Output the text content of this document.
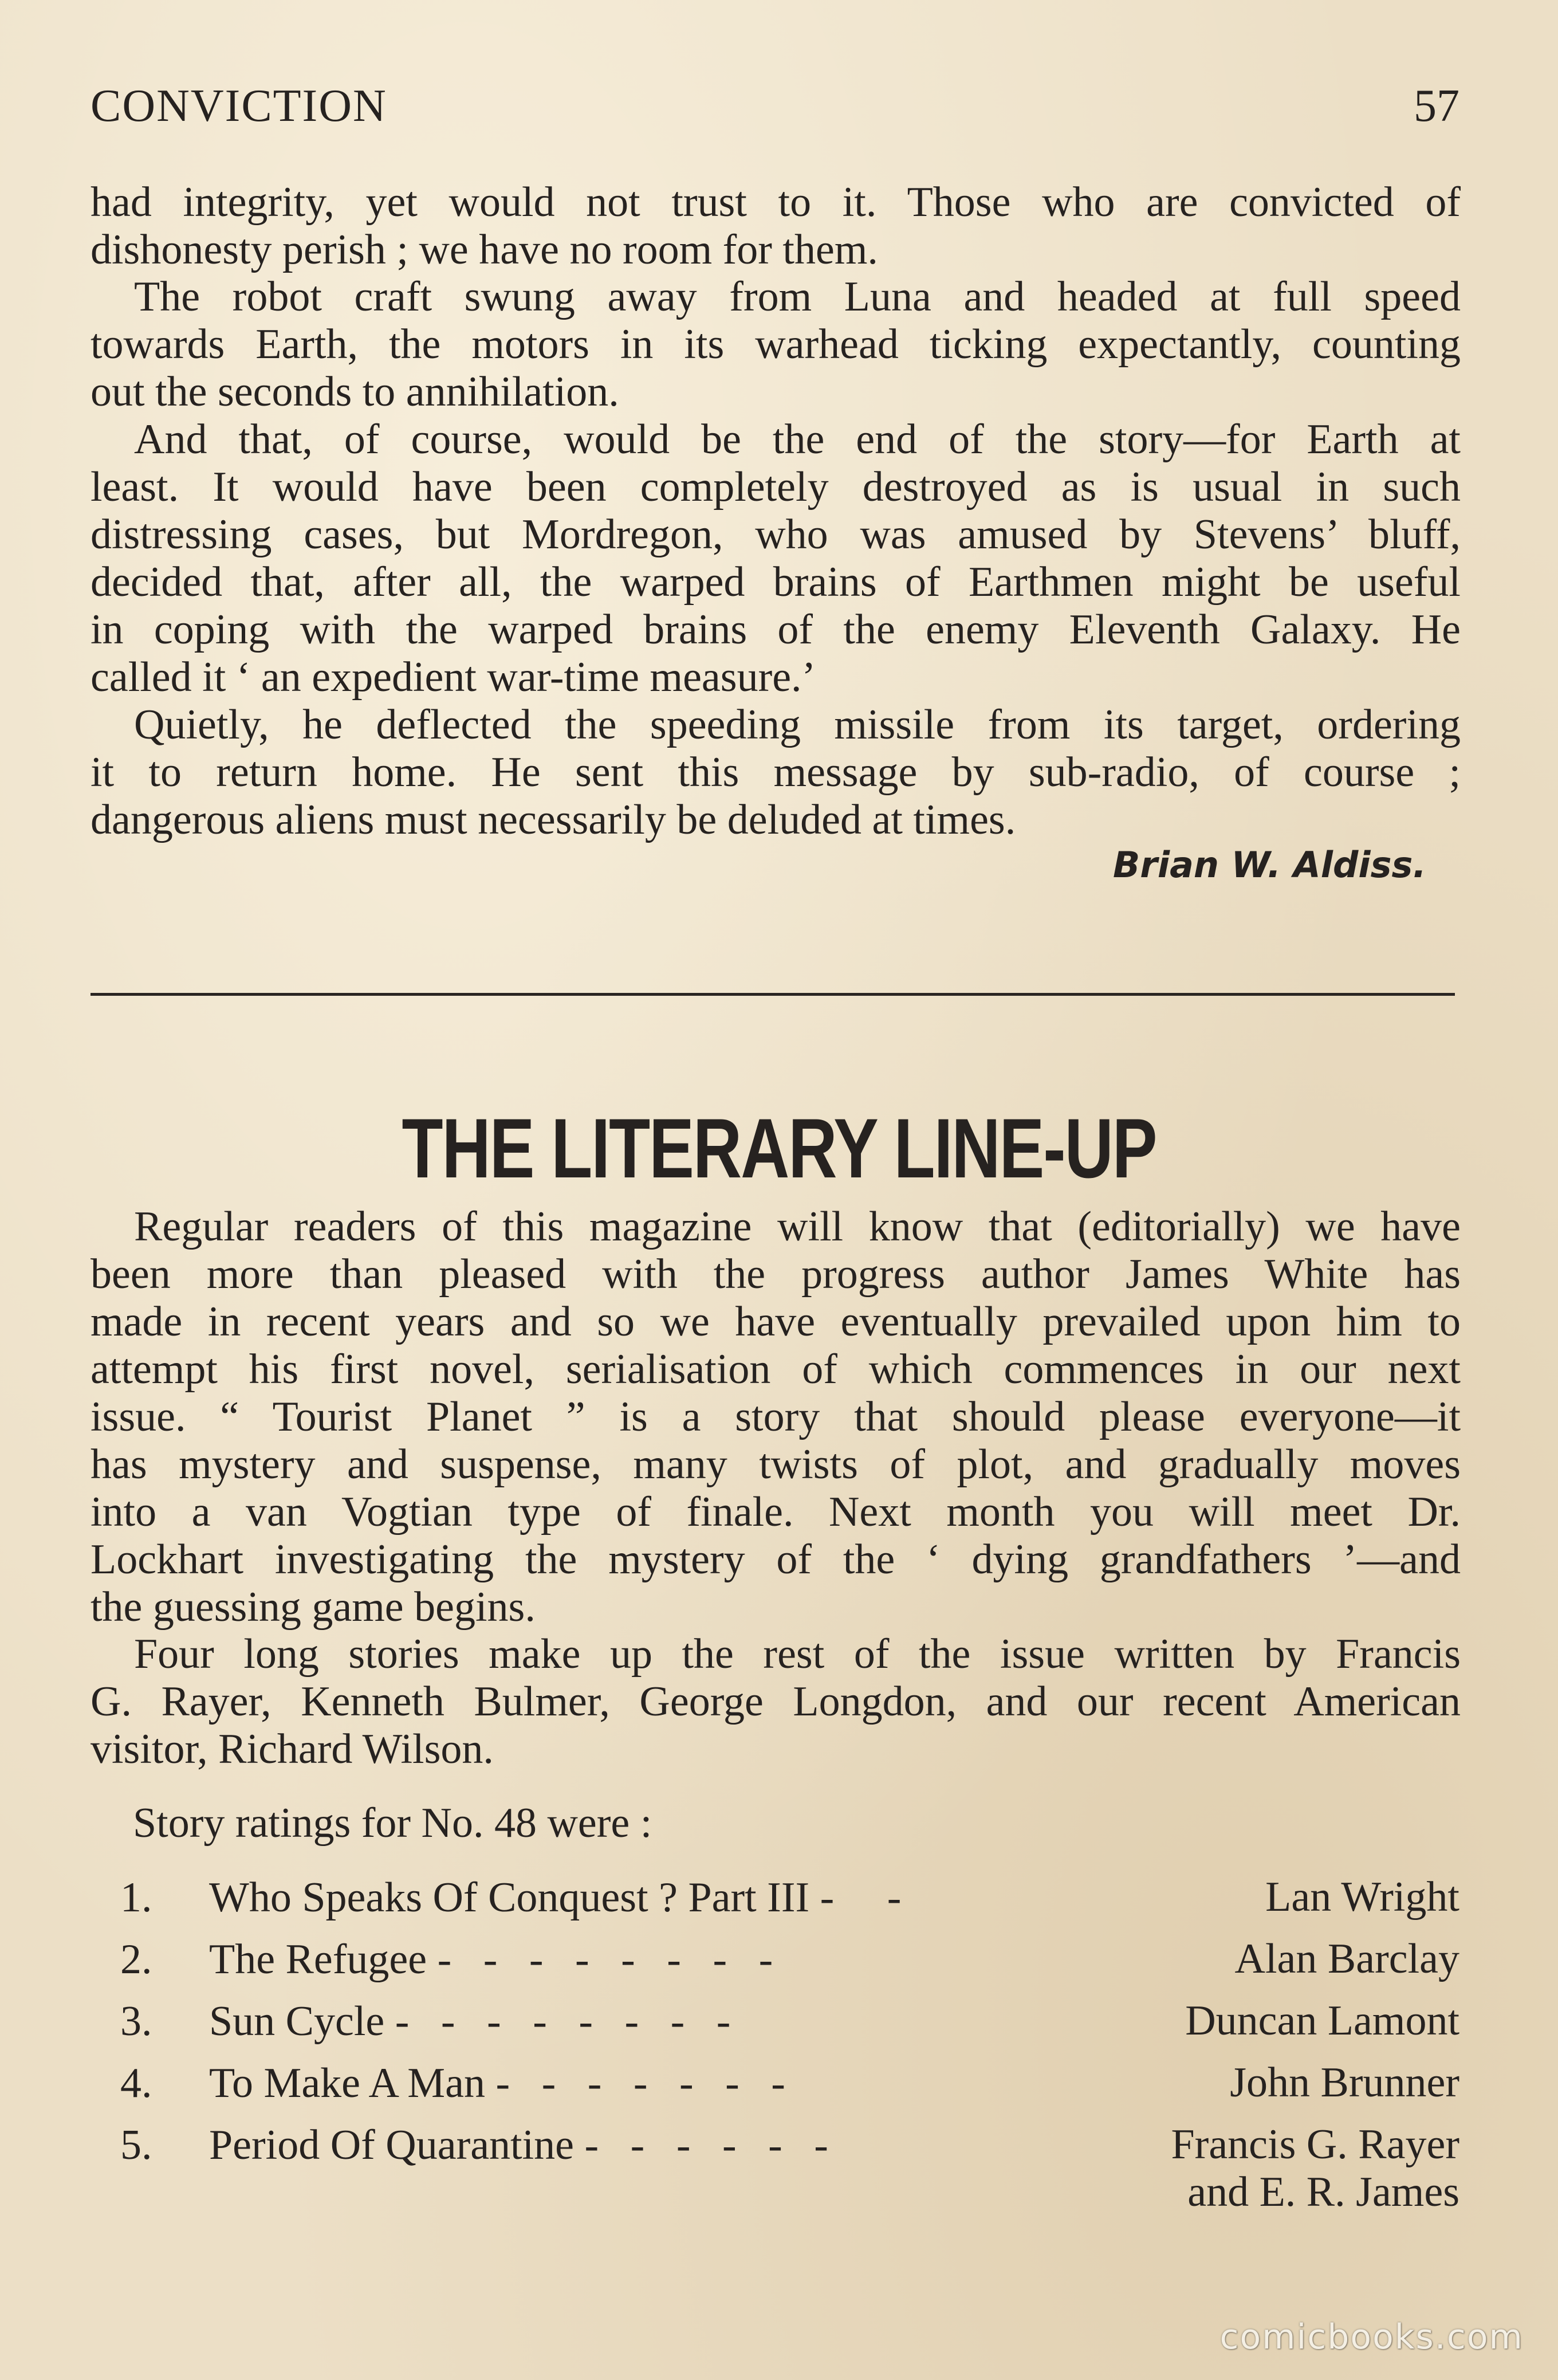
CONVICTION	57
had integrity, yet would not trust to it. Those who are convicted of
dishonesty perish ; we have no room for them.
The robot craft swung away from Luna and headed at full speed
towards Earth, the motors in its warhead ticking expectantly, counting
out the seconds to annihilation.
And that, of course, would be the end of the story—for Earth at
least. It would have been completely destroyed as is usual in such
distressing cases, but Mordregon, who was amused by Stevens’ bluff,
decided that, after all, the warped brains of Earthmen might be useful
in coping with the warped brains of the enemy Eleventh Galaxy. He
called it ‘ an expedient war-time measure.’
Quietly, he deflected the speeding missile from its target, ordering
it to return home. He sent this message by sub-radio, of course ;
dangerous aliens must necessarily be deluded at times.
Brian W. Aldiss.
THE LITERARY LINE-UP
Regular readers of this magazine will know that (editorially) we have
been more than pleased with the progress author James White has
made in recent years and so we have eventually prevailed upon him to
attempt his first novel, serialisation of which commences in our next
issue. “ Tourist Planet ” is a story that should please everyone—it
has mystery and suspense, many twists of plot, and gradually moves
into a van Vogtian type of finale. Next month you will meet Dr.
Lockhart investigating the mystery of the ‘ dying grandfathers ’—and
the guessing game begins.
Four long stories make up the rest of the issue written by Francis
G. Rayer, Kenneth Bulmer, George Longdon, and our recent American
visitor, Richard Wilson.
Story ratings for No. 48 were :
1. Who Speaks Of Conquest ? Part III -     -	Lan Wright
2. The Refugee -   -   -   -   -   -   -   -	Alan Barclay
3. Sun Cycle -   -   -   -   -   -   -   -	Duncan Lamont
4. To Make A Man -   -   -   -   -   -   -	John Brunner
5. Period Of Quarantine -   -   -   -   -   -	Francis G. Rayer
and E. R. James
comicbooks.com
